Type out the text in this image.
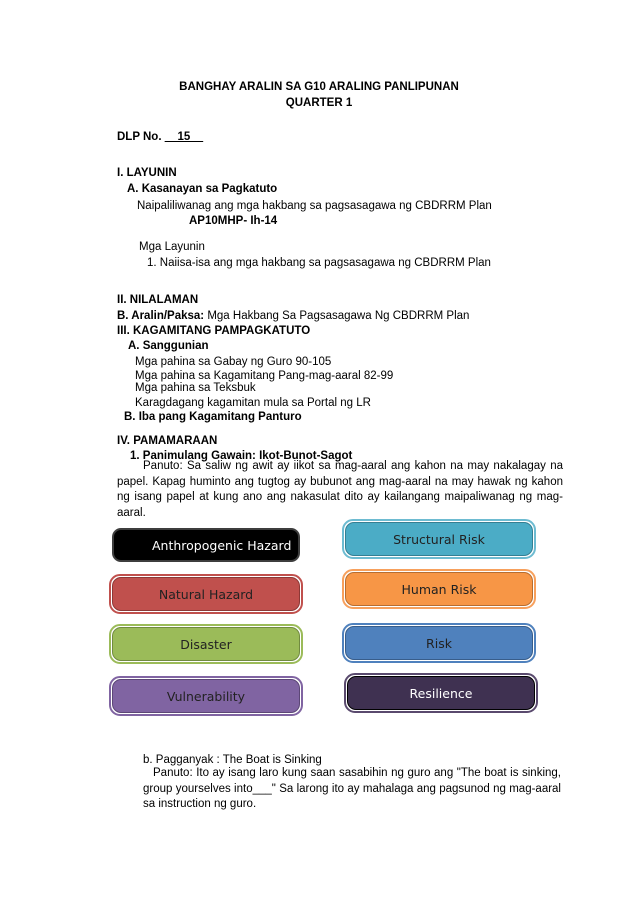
BANGHAY ARALIN SA G10 ARALING PANLIPUNAN
QUARTER 1
DLP No. __15__
I. LAYUNIN
A. Kasanayan sa Pagkatuto
Naipaliliwanag ang mga hakbang sa pagsasagawa ng CBDRRM Plan
AP10MHP- Ih-14
Mga Layunin
1. Naiisa-isa ang mga hakbang sa pagsasagawa ng CBDRRM Plan
II. NILALAMAN
B. Aralin/Paksa: Mga Hakbang Sa Pagsasagawa Ng CBDRRM Plan
III. KAGAMITANG PAMPAGKATUTO
A. Sanggunian
Mga pahina sa Gabay ng Guro 90-105
Mga pahina sa Kagamitang Pang-mag-aaral 82-99
Mga pahina sa Teksbuk
Karagdagang kagamitan mula sa Portal ng LR
B. Iba pang Kagamitang Panturo
IV. PAMAMARAAN
1. Panimulang Gawain: Ikot-Bunot-Sagot
Panuto: Sa saliw ng awit ay iikot sa mag-aaral ang kahon na may nakalagay na papel. Kapag huminto ang tugtog ay bubunot ang mag-aaral na may hawak ng kahon ng isang papel at kung ano ang nakasulat dito ay kailangang maipaliwanag ng mag-aaral.
Anthropogenic Hazard	Structural Risk
Natural Hazard	Human Risk
Disaster	Risk
Vulnerability	Resilience
b. Pagganyak : The Boat is Sinking
Panuto: Ito ay isang laro kung saan sasabihin ng guro ang "The boat is sinking, group yourselves into___" Sa larong ito ay mahalaga ang pagsunod ng mag-aaral sa instruction ng guro.
